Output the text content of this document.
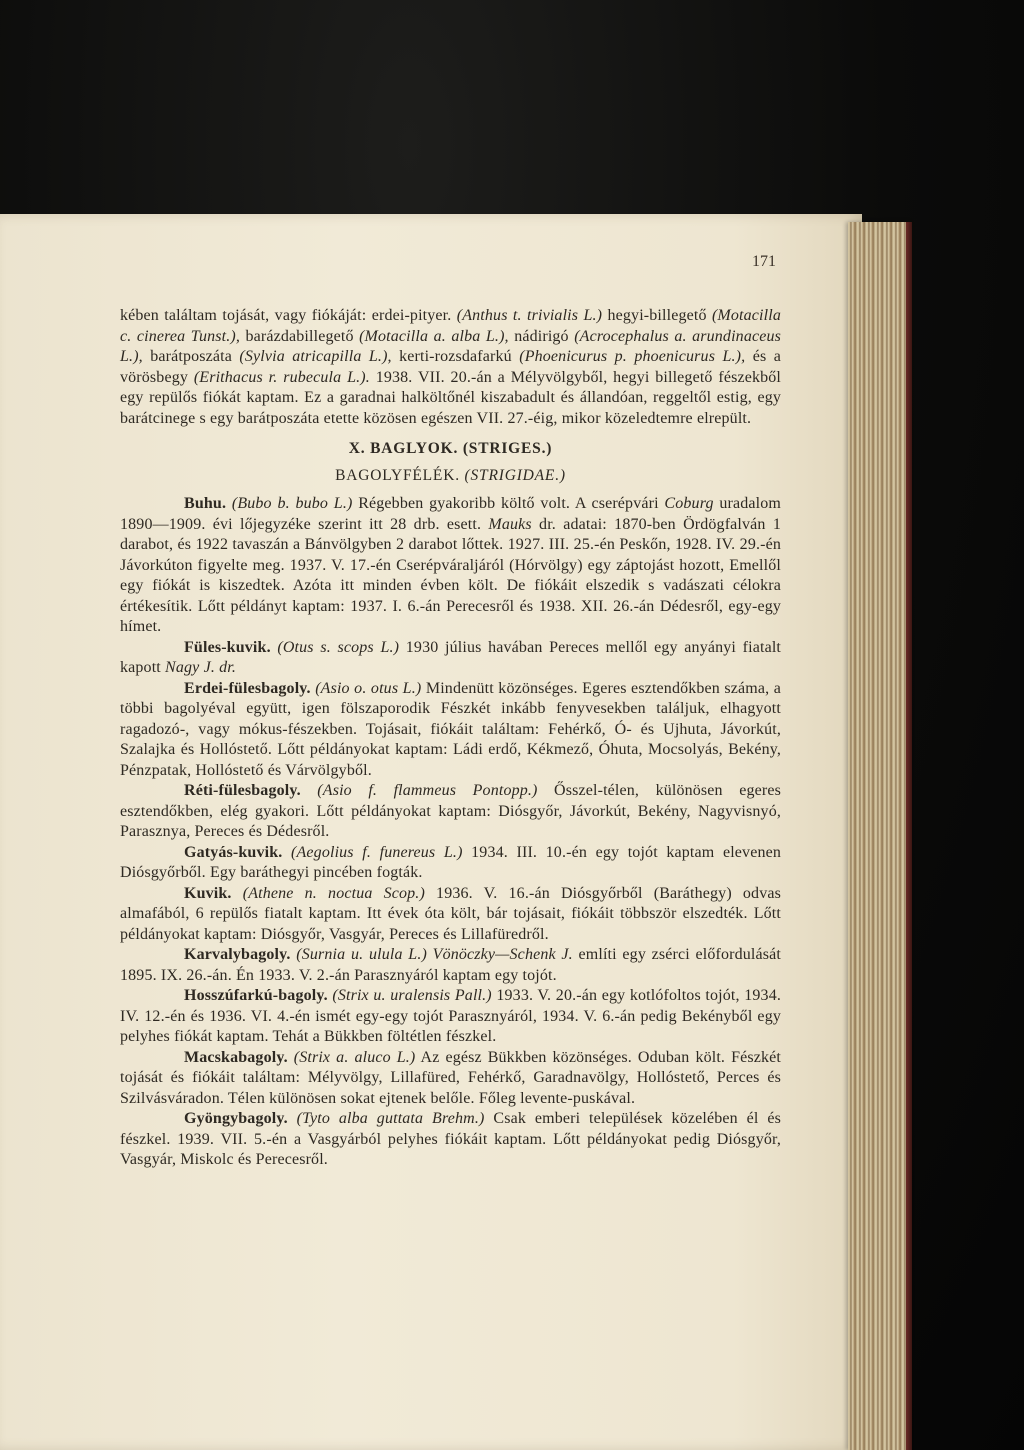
171

kében találtam tojását, vagy fiókáját: erdei-pityer. (Anthus t. trivialis L.) hegyi-billegető (Motacilla c. cinerea Tunst.), barázdabillegető (Motacilla a. alba L.), nádirigó (Acrocephalus a. arundinaceus L.), barátposzáta (Sylvia atricapilla L.), kerti-rozsdafarkú (Phoenicurus p. phoenicurus L.), és a vörösbegy (Erithacus r. rubecula L.). 1938. VII. 20.-án a Mélyvölgyből, hegyi billegető fészekből egy repülős fiókát kaptam. Ez a garadnai halköltőnél kiszabadult és állandóan, reggeltől estig, egy barátcinege s egy barátposzáta etette közösen egészen VII. 27.-éig, mikor közeledtemre elrepült.

X. BAGLYOK. (STRIGES.)
BAGOLYFÉLÉK. (STRIGIDAE.)

Buhu. (Bubo b. bubo L.) Régebben gyakoribb költő volt. A cserépvári Coburg uradalom 1890—1909. évi lőjegyzéke szerint itt 28 drb. esett. Mauks dr. adatai: 1870-ben Ördögfalván 1 darabot, és 1922 tavaszán a Bánvölgyben 2 darabot lőttek. 1927. III. 25.-én Peskőn, 1928. IV. 29.-én Jávorkúton figyelte meg. 1937. V. 17.-én Cserépváraljáról (Hórvölgy) egy záptojást hozott, Emellől egy fiókát is kiszedtek. Azóta itt minden évben költ. De fiókáit elszedik s vadászati célokra értékesítik. Lőtt példányt kaptam: 1937. I. 6.-án Perecesről és 1938. XII. 26.-án Dédesről, egy-egy hímet.

Füles-kuvik. (Otus s. scops L.) 1930 július havában Pereces mellől egy anyányi fiatalt kapott Nagy J. dr.

Erdei-fülesbagoly. (Asio o. otus L.) Mindenütt közönséges. Egeres esztendőkben száma, a többi bagolyéval együtt, igen fölszaporodik Fészkét inkább fenyvesekben találjuk, elhagyott ragadozó-, vagy mókus-fészekben. Tojásait, fiókáit találtam: Fehérkő, Ó- és Ujhuta, Jávorkút, Szalajka és Hollóstető. Lőtt példányokat kaptam: Ládi erdő, Kékmező, Óhuta, Mocsolyás, Bekény, Pénzpatak, Hollóstető és Várvölgyből.

Réti-fülesbagoly. (Asio f. flammeus Pontopp.) Ősszel-télen, különösen egeres esztendőkben, elég gyakori. Lőtt példányokat kaptam: Diósgyőr, Jávorkút, Bekény, Nagyvisnyó, Parasznya, Pereces és Dédesről.

Gatyás-kuvik. (Aegolius f. funereus L.) 1934. III. 10.-én egy tojót kaptam elevenen Diósgyőrből. Egy baráthegyi pincében fogták.

Kuvik. (Athene n. noctua Scop.) 1936. V. 16.-án Diósgyőrből (Baráthegy) odvas almafából, 6 repülős fiatalt kaptam. Itt évek óta költ, bár tojásait, fiókáit többször elszedték. Lőtt példányokat kaptam: Diósgyőr, Vasgyár, Pereces és Lillafüredről.

Karvalybagoly. (Surnia u. ulula L.) Vönöczky—Schenk J. említi egy zsérci előfordulását 1895. IX. 26.-án. Én 1933. V. 2.-án Parasznyáról kaptam egy tojót.

Hosszúfarkú-bagoly. (Strix u. uralensis Pall.) 1933. V. 20.-án egy kotlófoltos tojót, 1934. IV. 12.-én és 1936. VI. 4.-én ismét egy-egy tojót Parasznyáról, 1934. V. 6.-án pedig Bekényből egy pelyhes fiókát kaptam. Tehát a Bükkben föltétlen fészkel.

Macskabagoly. (Strix a. aluco L.) Az egész Bükkben közönséges. Oduban költ. Fészkét tojását és fiókáit találtam: Mélyvölgy, Lillafüred, Fehérkő, Garadnavölgy, Hollóstető, Perces és Szilvásváradon. Télen különösen sokat ejtenek belőle. Főleg levente-puskával.

Gyöngybagoly. (Tyto alba guttata Brehm.) Csak emberi települések közelében él és fészkel. 1939. VII. 5.-én a Vasgyárból pelyhes fiókáit kaptam. Lőtt példányokat pedig Diósgyőr, Vasgyár, Miskolc és Perecesről.
